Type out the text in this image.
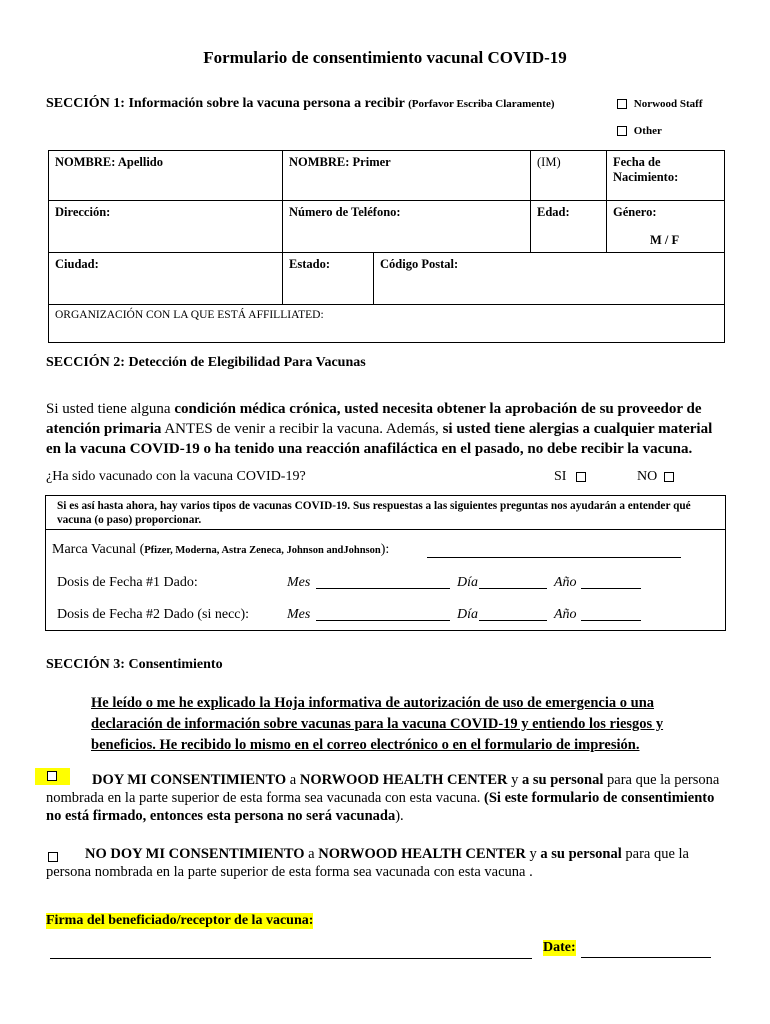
Formulario de consentimiento vacunal COVID-19
SECCIÓN 1: Información sobre la vacuna persona a recibir (Porfavor Escriba Claramente)	Norwood Staff
Other
NOMBRE: Apellido	NOMBRE: Primer	(IM)	Fecha de Nacimiento:
Dirección:	Número de Teléfono:	Edad:	Género:
M / F
Ciudad:	Estado:	Código Postal:
ORGANIZACIÓN CON LA QUE ESTÁ AFFILLIATED:
SECCIÓN 2: Detección de Elegibilidad Para Vacunas
Si usted tiene alguna condición médica crónica, usted necesita obtener la aprobación de su proveedor de atención primaria ANTES de venir a recibir la vacuna. Además, si usted tiene alergias a cualquier material en la vacuna COVID-19 o ha tenido una reacción anafiláctica en el pasado, no debe recibir la vacuna.
¿Ha sido vacunado con la vacuna COVID-19?	SI	NO
Si es así hasta ahora, hay varios tipos de vacunas COVID-19. Sus respuestas a las siguientes preguntas nos ayudarán a entender qué vacuna (o paso) proporcionar.
Marca Vacunal (Pfizer, Moderna, Astra Zeneca, Johnson andJohnson):
Dosis de Fecha #1 Dado:	Mes	Día	Año
Dosis de Fecha #2 Dado (si necc):	Mes	Día	Año
SECCIÓN 3: Consentimiento
He leído o me he explicado la Hoja informativa de autorización de uso de emergencia o una declaración de información sobre vacunas para la vacuna COVID-19 y entiendo los riesgos y beneficios. He recibido lo mismo en el correo electrónico o en el formulario de impresión.
DOY MI CONSENTIMIENTO a NORWOOD HEALTH CENTER y a su personal para que la persona nombrada en la parte superior de esta forma sea vacunada con esta vacuna. (Si este formulario de consentimiento no está firmado, entonces esta persona no será vacunada).
NO DOY MI CONSENTIMIENTO a NORWOOD HEALTH CENTER y a su personal para que la persona nombrada en la parte superior de esta forma sea vacunada con esta vacuna .
Firma del beneficiado/receptor de la vacuna:
Date:
